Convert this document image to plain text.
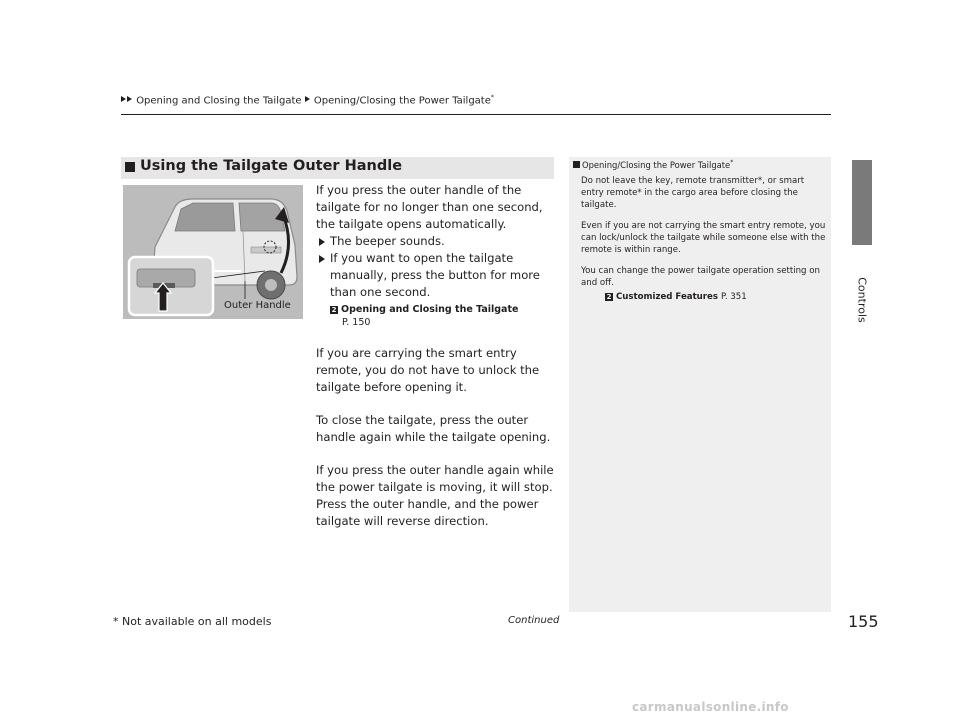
Opening and Closing the Tailgate Opening/Closing the Power Tailgate*
Controls
Using the Tailgate Outer Handle
Outer Handle

If you press the outer handle of the tailgate for no longer than one second, the tailgate opens automatically.

The beeper sounds.

If you want to open the tailgate manually, press the button for more than one second.

2 Opening and Closing the Tailgate
P. 150

If you are carrying the smart entry remote, you do not have to unlock the tailgate before opening it.

To close the tailgate, press the outer handle again while the tailgate opening.

If you press the outer handle again while the power tailgate is moving, it will stop.

Press the outer handle, and the power tailgate will reverse direction.

Opening/Closing the Power Tailgate*

Do not leave the key, remote transmitter*, or smart entry remote* in the cargo area before closing the tailgate.

Even if you are not carrying the smart entry remote, you can lock/unlock the tailgate while someone else with the remote is within range.

You can change the power tailgate operation setting on and off.

2 Customized Features P. 351
* Not available on all models	Continued	155
carmanualsonline.info
